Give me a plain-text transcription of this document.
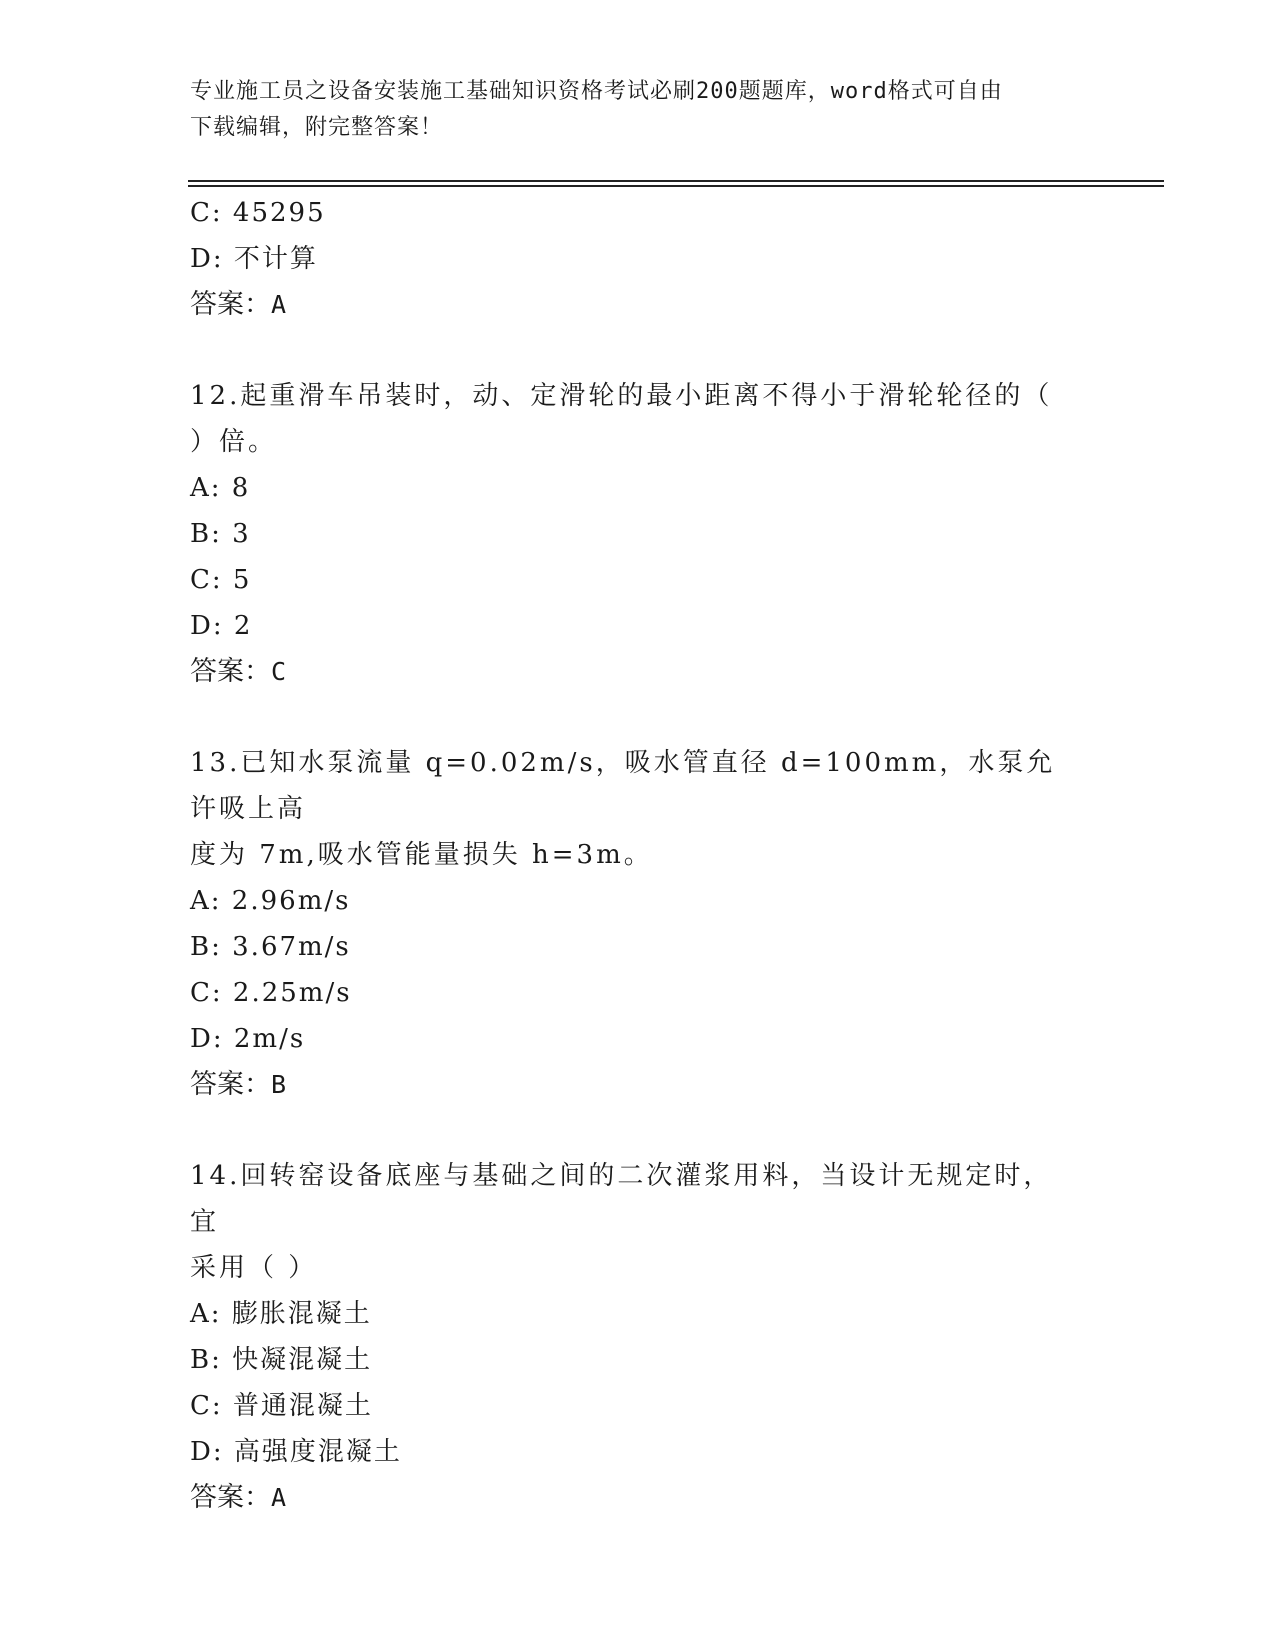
专业施工员之设备安装施工基础知识资格考试必刷200题题库，word格式可自由
下载编辑，附完整答案！
C: 45295
D: 不计算
答案：A
12.起重滑车吊装时，动、定滑轮的最小距离不得小于滑轮轮径的（
）倍。
A: 8
B: 3
C: 5
D: 2
答案：C
13.已知水泵流量 q=0.02m/s，吸水管直径 d=100mm，水泵允许吸上高
度为 7m,吸水管能量损失 h=3m。
A: 2.96m/s
B: 3.67m/s
C: 2.25m/s
D: 2m/s
答案：B
14.回转窑设备底座与基础之间的二次灌浆用料，当设计无规定时，宜
采用（ ）
A: 膨胀混凝土
B: 快凝混凝土
C: 普通混凝土
D: 高强度混凝土
答案：A
